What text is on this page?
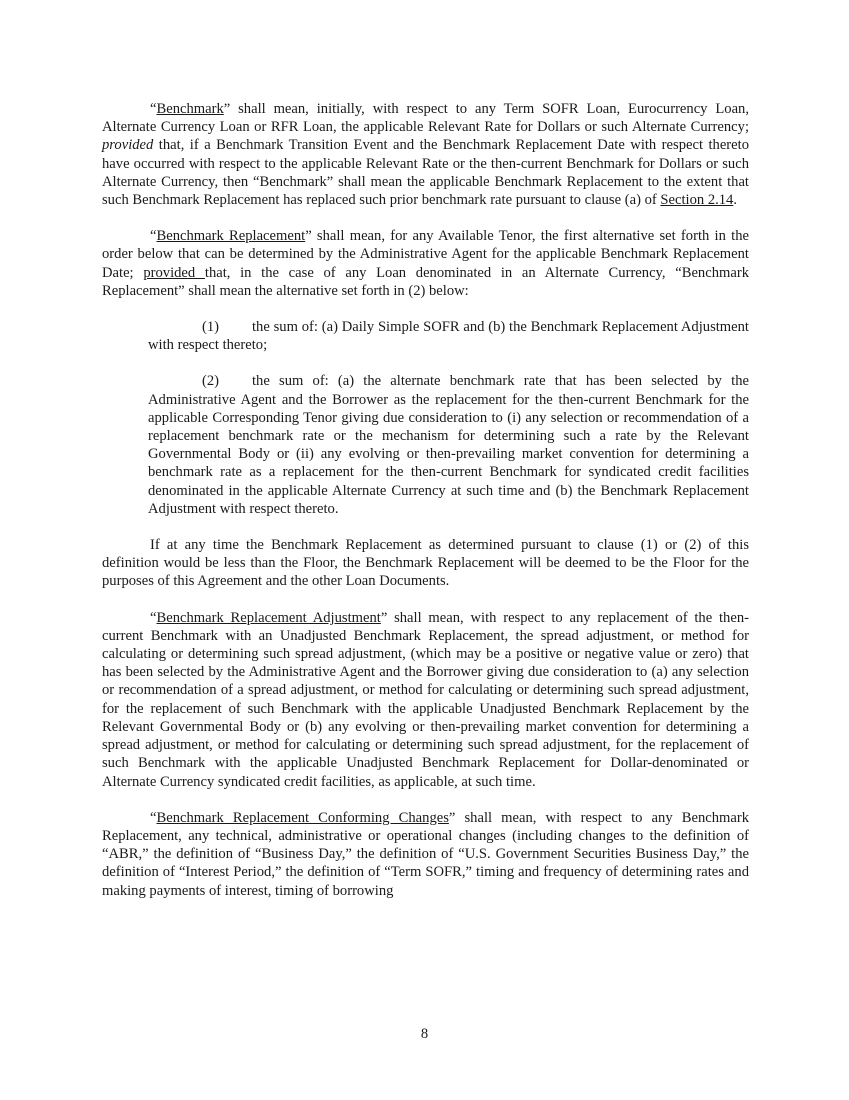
“Benchmark” shall mean, initially, with respect to any Term SOFR Loan, Eurocurrency Loan, Alternate Currency Loan or RFR Loan, the applicable Relevant Rate for Dollars or such Alternate Currency; provided that, if a Benchmark Transition Event and the Benchmark Replacement Date with respect thereto have occurred with respect to the applicable Relevant Rate or the then-current Benchmark for Dollars or such Alternate Currency, then “Benchmark” shall mean the applicable Benchmark Replacement to the extent that such Benchmark Replacement has replaced such prior benchmark rate pursuant to clause (a) of Section 2.14.

“Benchmark Replacement” shall mean, for any Available Tenor, the first alternative set forth in the order below that can be determined by the Administrative Agent for the applicable Benchmark Replacement Date; provided that, in the case of any Loan denominated in an Alternate Currency, “Benchmark Replacement” shall mean the alternative set forth in (2) below:

(1) the sum of: (a) Daily Simple SOFR and (b) the Benchmark Replacement Adjustment with respect thereto;

(2) the sum of: (a) the alternate benchmark rate that has been selected by the Administrative Agent and the Borrower as the replacement for the then-current Benchmark for the applicable Corresponding Tenor giving due consideration to (i) any selection or recommendation of a replacement benchmark rate or the mechanism for determining such a rate by the Relevant Governmental Body or (ii) any evolving or then-prevailing market convention for determining a benchmark rate as a replacement for the then-current Benchmark for syndicated credit facilities denominated in the applicable Alternate Currency at such time and (b) the Benchmark Replacement Adjustment with respect thereto.

If at any time the Benchmark Replacement as determined pursuant to clause (1) or (2) of this definition would be less than the Floor, the Benchmark Replacement will be deemed to be the Floor for the purposes of this Agreement and the other Loan Documents.

“Benchmark Replacement Adjustment” shall mean, with respect to any replacement of the then-current Benchmark with an Unadjusted Benchmark Replacement, the spread adjustment, or method for calculating or determining such spread adjustment, (which may be a positive or negative value or zero) that has been selected by the Administrative Agent and the Borrower giving due consideration to (a) any selection or recommendation of a spread adjustment, or method for calculating or determining such spread adjustment, for the replacement of such Benchmark with the applicable Unadjusted Benchmark Replacement by the Relevant Governmental Body or (b) any evolving or then-prevailing market convention for determining a spread adjustment, or method for calculating or determining such spread adjustment, for the replacement of such Benchmark with the applicable Unadjusted Benchmark Replacement for Dollar-denominated or Alternate Currency syndicated credit facilities, as applicable, at such time.

“Benchmark Replacement Conforming Changes” shall mean, with respect to any Benchmark Replacement, any technical, administrative or operational changes (including changes to the definition of “ABR,” the definition of “Business Day,” the definition of “U.S. Government Securities Business Day,” the definition of “Interest Period,” the definition of “Term SOFR,” timing and frequency of determining rates and making payments of interest, timing of borrowing

8
